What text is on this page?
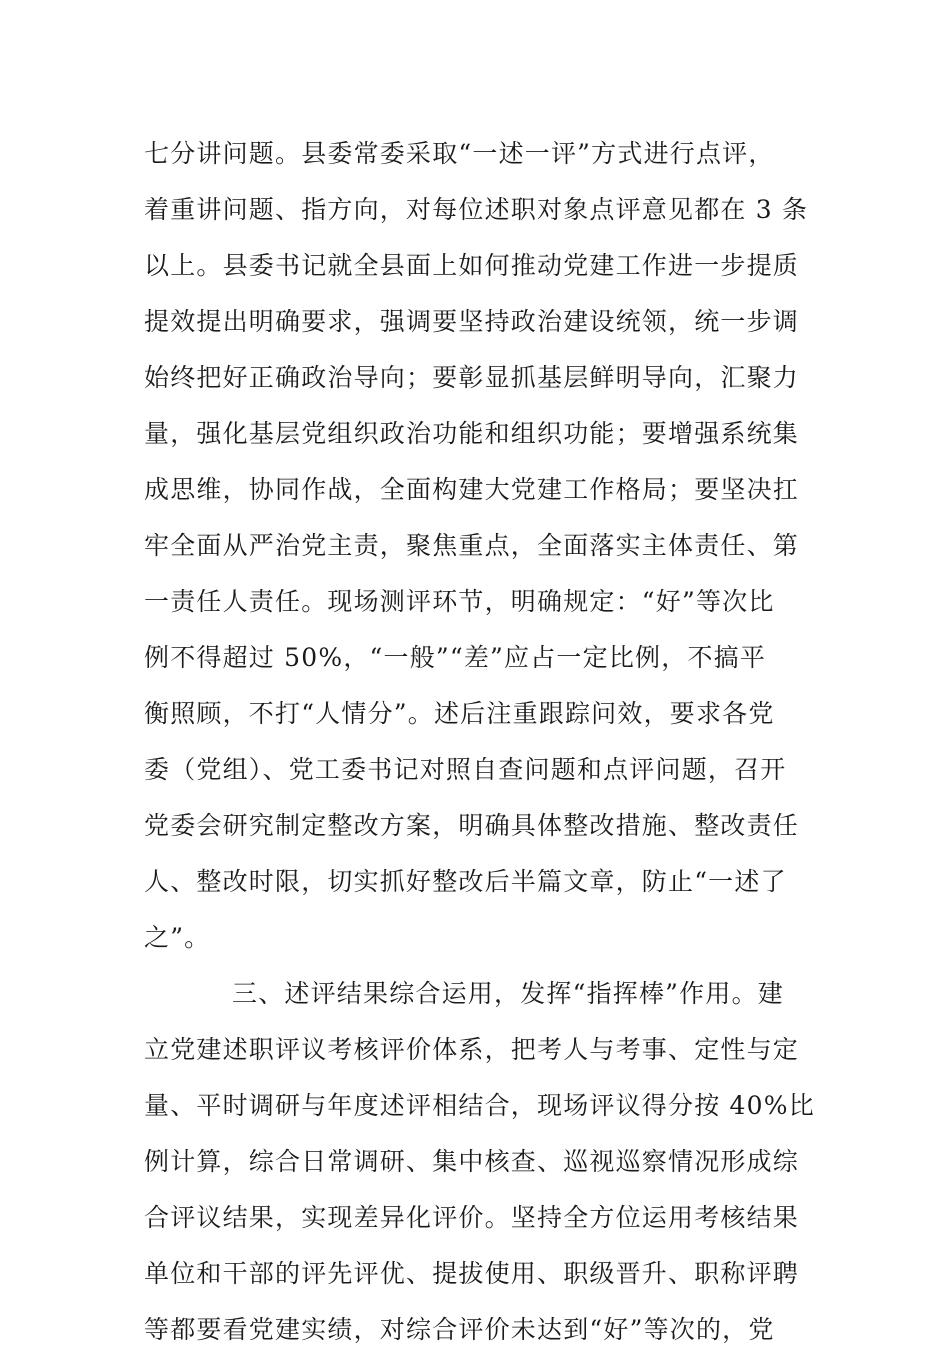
七分讲问题。县委常委采取“一述一评”方式进行点评，
着重讲问题、指方向，对每位述职对象点评意见都在 3 条
以上。县委书记就全县面上如何推动党建工作进一步提质
提效提出明确要求，强调要坚持政治建设统领，统一步调
始终把好正确政治导向；要彰显抓基层鲜明导向，汇聚力
量，强化基层党组织政治功能和组织功能；要增强系统集
成思维，协同作战，全面构建大党建工作格局；要坚决扛
牢全面从严治党主责，聚焦重点，全面落实主体责任、第
一责任人责任。现场测评环节，明确规定：“好”等次比
例不得超过 50%，“一般”“差”应占一定比例，不搞平
衡照顾，不打“人情分”。述后注重跟踪问效，要求各党
委（党组）、党工委书记对照自查问题和点评问题，召开
党委会研究制定整改方案，明确具体整改措施、整改责任
人、整改时限，切实抓好整改后半篇文章，防止“一述了
之”。
三、述评结果综合运用，发挥“指挥棒”作用。建
立党建述职评议考核评价体系，把考人与考事、定性与定
量、平时调研与年度述评相结合，现场评议得分按 40%比
例计算，综合日常调研、集中核查、巡视巡察情况形成综
合评议结果，实现差异化评价。坚持全方位运用考核结果
单位和干部的评先评优、提拔使用、职级晋升、职称评聘
等都要看党建实绩，对综合评价未达到“好”等次的，党
